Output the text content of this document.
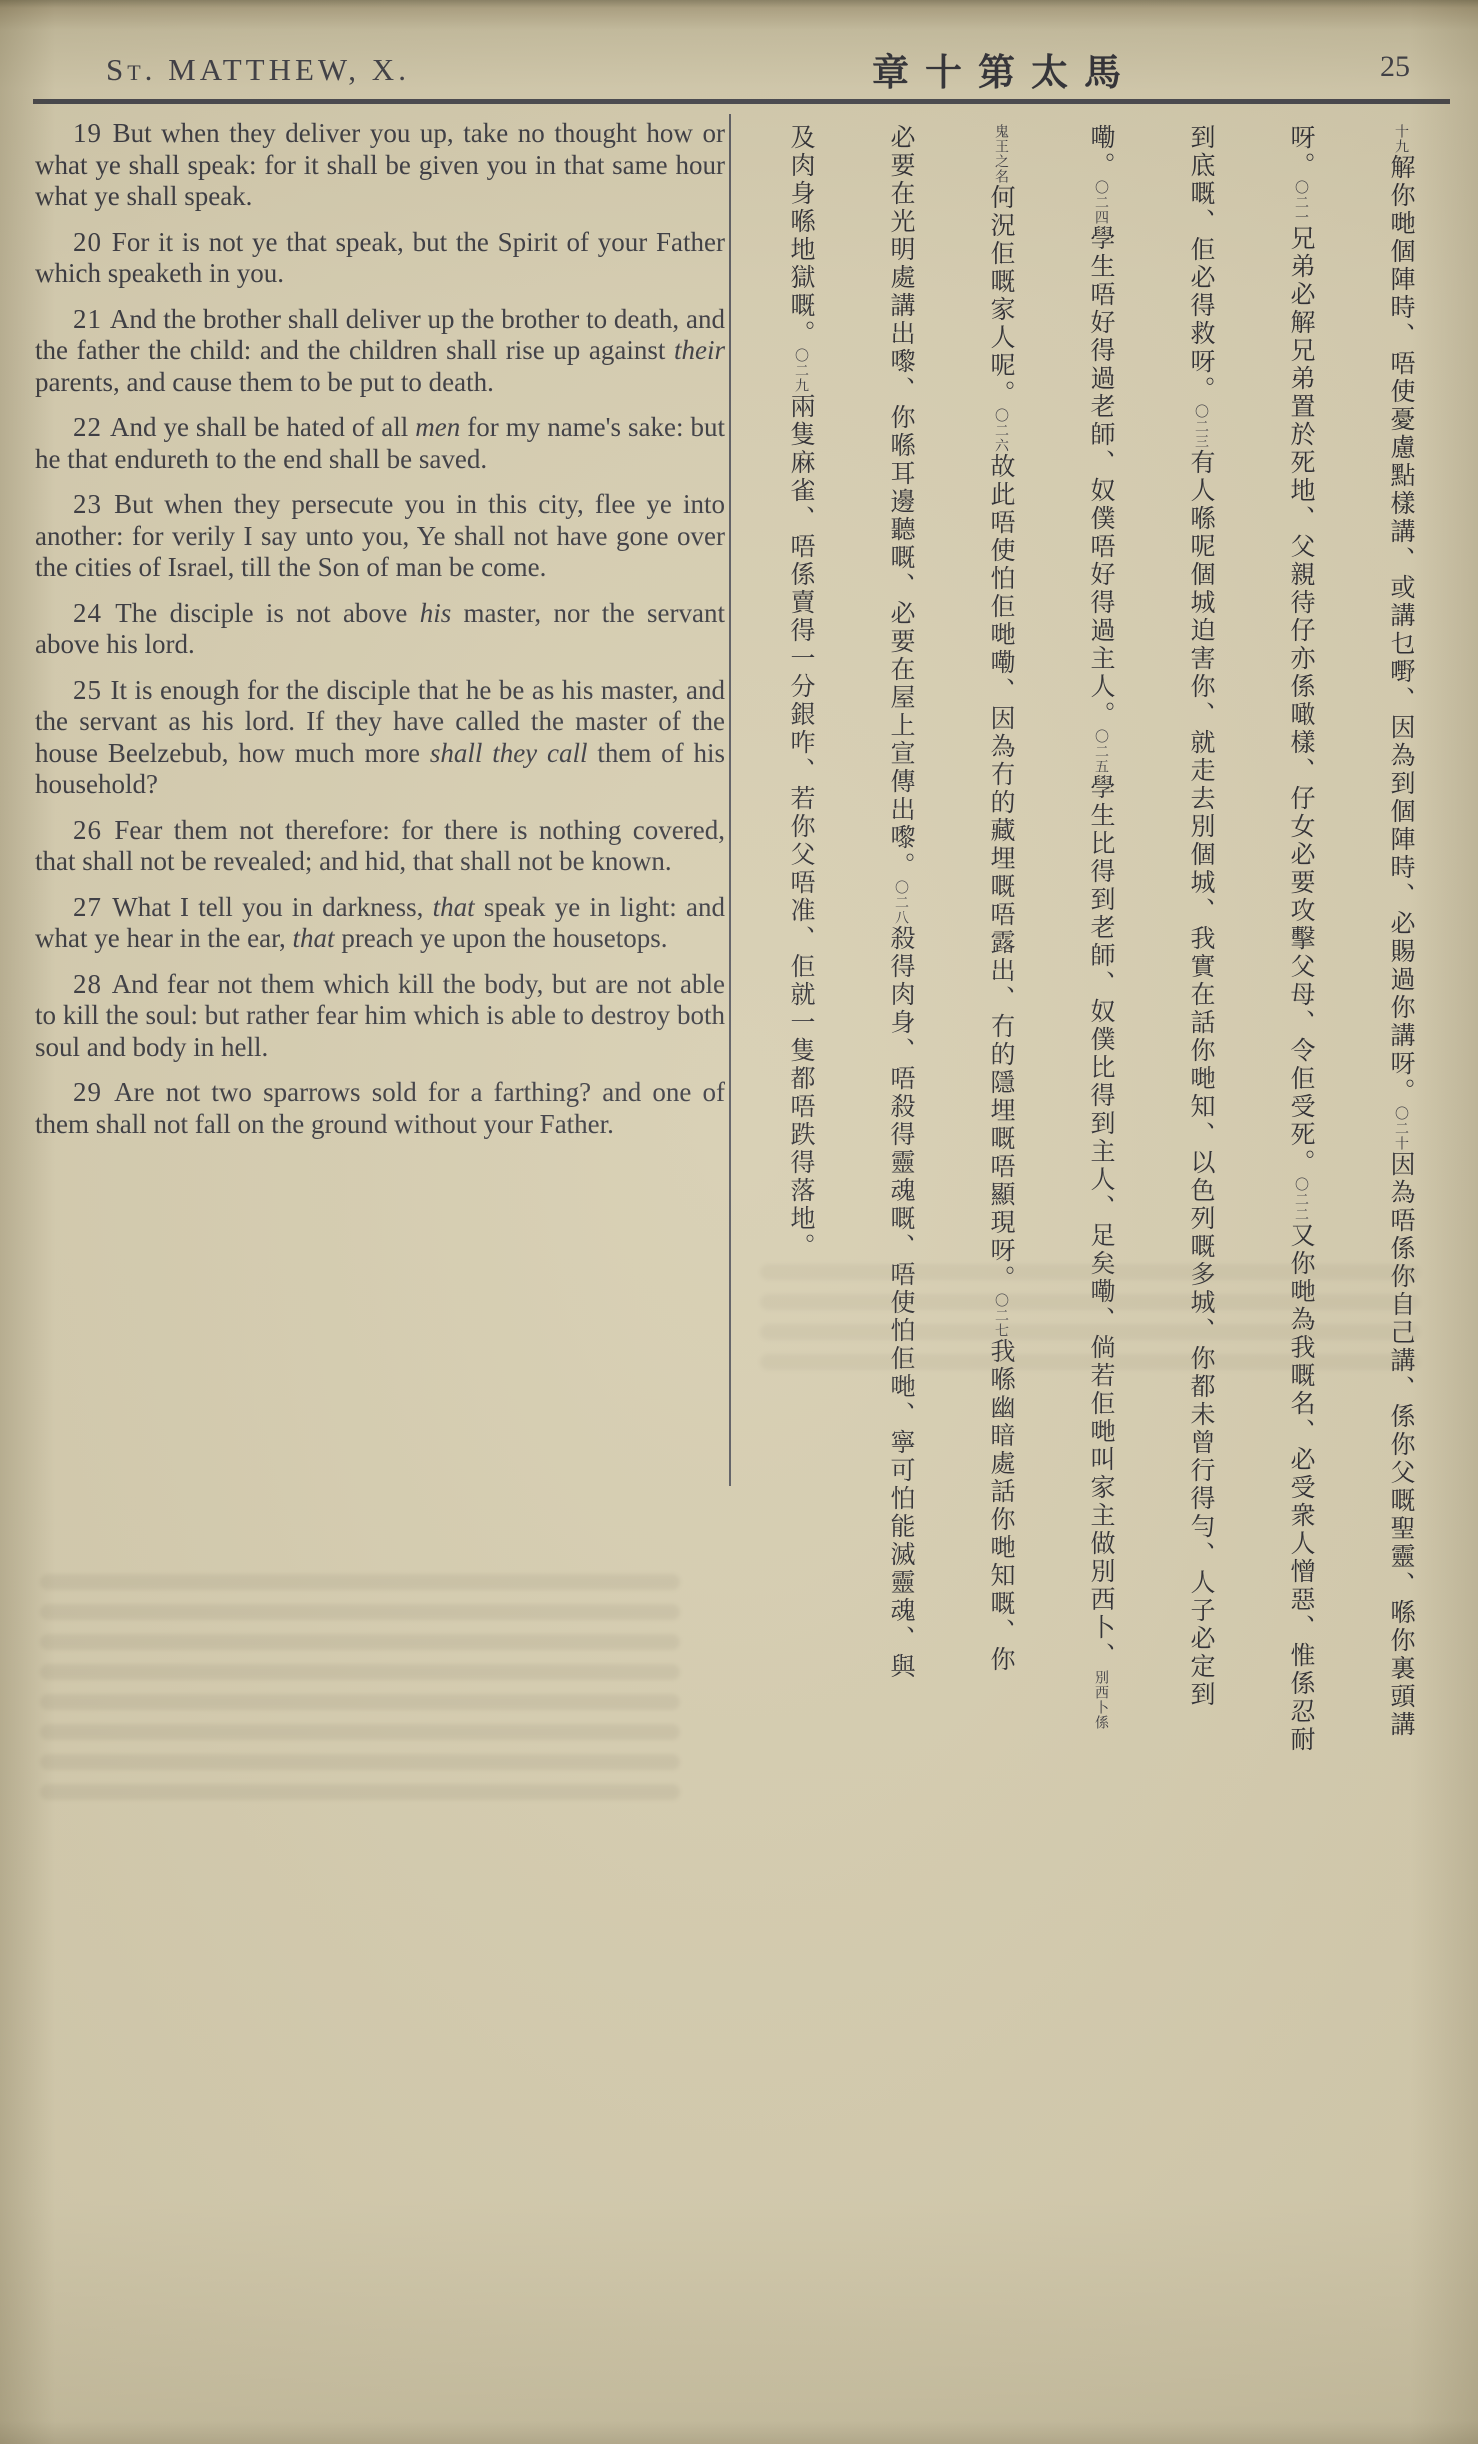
St. MATTHEW, X.	章十第太馬	25

19 But when they deliver you up, take no thought how or what ye shall speak: for it shall be given you in that same hour what ye shall speak.

20 For it is not ye that speak, but the Spirit of your Father which speaketh in you.

21 And the brother shall deliver up the brother to death, and the father the child: and the children shall rise up against their parents, and cause them to be put to death.

22 And ye shall be hated of all men for my name's sake: but he that endureth to the end shall be saved.

23 But when they persecute you in this city, flee ye into another: for verily I say unto you, Ye shall not have gone over the cities of Israel, till the Son of man be come.

24 The disciple is not above his master, nor the servant above his lord.

25 It is enough for the disciple that he be as his master, and the servant as his lord. If they have called the master of the house Beelzebub, how much more shall they call them of his household?

26 Fear them not therefore: for there is nothing covered, that shall not be revealed; and hid, that shall not be known.

27 What I tell you in darkness, that speak ye in light: and what ye hear in the ear, that preach ye upon the housetops.

28 And fear not them which kill the body, but are not able to kill the soul: but rather fear him which is able to destroy both soul and body in hell.

29 Are not two sparrows sold for a farthing? and one of them shall not fall on the ground without your Father.

十九解你哋個陣時、唔使憂慮點樣講、或講乜嘢、因為到個陣時、必賜過你講呀。〇二十因為唔係你自己講、係你父嘅聖靈、喺你裏頭講
呀。〇二一兄弟必解兄弟置於死地、父親待仔亦係噉樣、仔女必要攻擊父母、令佢受死。〇二二又你哋為我嘅名、必受衆人憎惡、惟係忍耐
到底嘅、佢必得救呀。〇二三有人喺呢個城迫害你、就走去別個城、我實在話你哋知、以色列嘅多城、你都未曾行得勻、人子必定到
嘞。〇二四學生唔好得過老師、奴僕唔好得過主人。〇二五學生比得到老師、奴僕比得到主人、足矣嘞、倘若佢哋叫家主做別西卜、別西卜係
鬼王之名何況佢嘅家人呢。〇二六故此唔使怕佢哋嘞、因為冇的藏埋嘅唔露出、冇的隱埋嘅唔顯現呀。〇二七我喺幽暗處話你哋知嘅、你
必要在光明處講出嚟、你喺耳邊聽嘅、必要在屋上宣傳出嚟。〇二八殺得肉身、唔殺得靈魂嘅、唔使怕佢哋、寧可怕能滅靈魂、與
及肉身喺地獄嘅。〇二九兩隻麻雀、唔係賣得一分銀咋、若你父唔准、佢就一隻都唔跌得落地。
